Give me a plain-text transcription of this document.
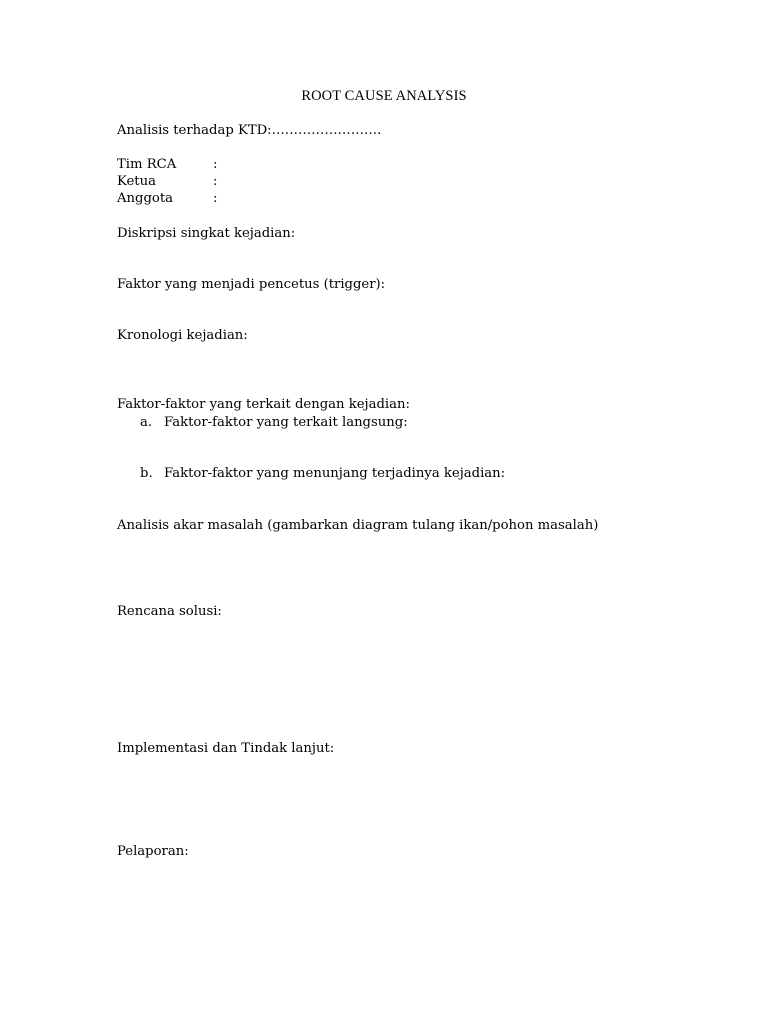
ROOT CAUSE ANALYSIS
Analisis terhadap KTD:…………………….
Tim RCA	:
Ketua	:
Anggota	:
Diskripsi singkat kejadian:
Faktor yang menjadi pencetus (trigger):
Kronologi kejadian:
Faktor-faktor yang terkait dengan kejadian:
a. Faktor-faktor yang terkait langsung:
b. Faktor-faktor yang menunjang terjadinya kejadian:
Analisis akar masalah (gambarkan diagram tulang ikan/pohon masalah)
Rencana solusi:
Implementasi dan Tindak lanjut:
Pelaporan:
